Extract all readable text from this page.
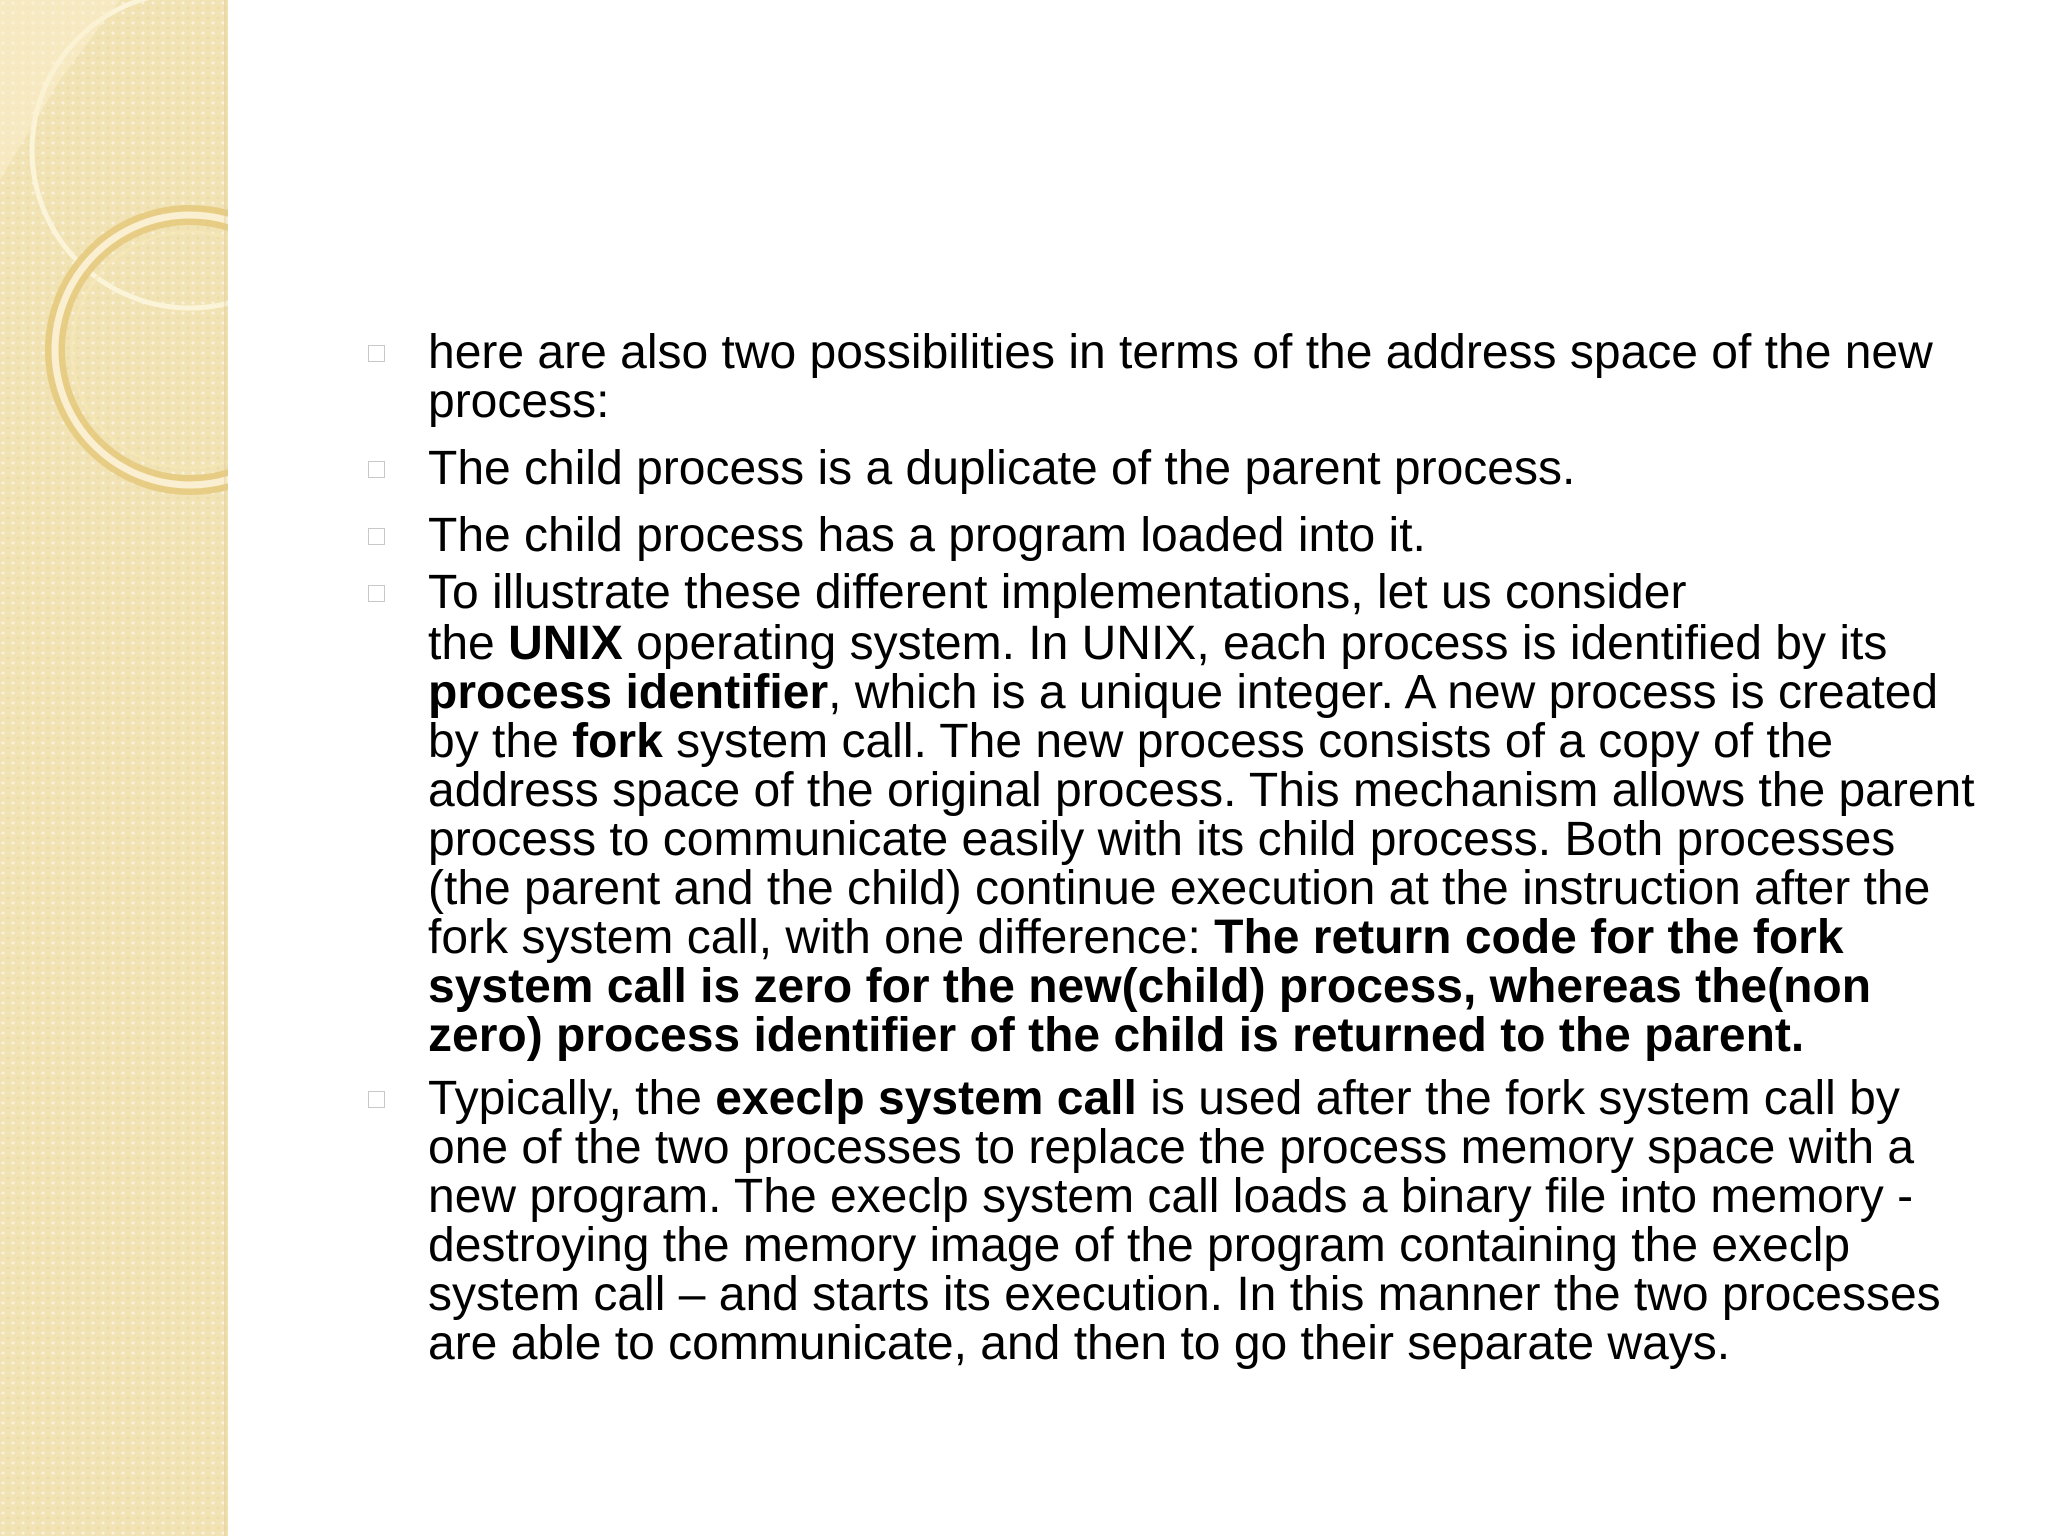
here are also two possibilities in terms of the address space of the new process:
The child process is a duplicate of the parent process.
The child process has a program loaded into it.
To illustrate these different implementations, let us consider
the UNIX operating system. In UNIX, each process is identified by its process identifier, which is a unique integer. A new process is created by the fork system call. The new process consists of a copy of the address space of the original process. This mechanism allows the parent process to communicate easily with its child process. Both processes (the parent and the child) continue execution at the instruction after the fork system call, with one difference: The return code for the fork system call is zero for the new(child) process, whereas the(non zero) process identifier of the child is returned to the parent.
Typically, the execlp system call is used after the fork system call by one of the two processes to replace the process memory space with a new program. The execlp system call loads a binary file into memory - destroying the memory image of the program containing the execlp system call – and starts its execution. In this manner the two processes are able to communicate, and then to go their separate ways.
